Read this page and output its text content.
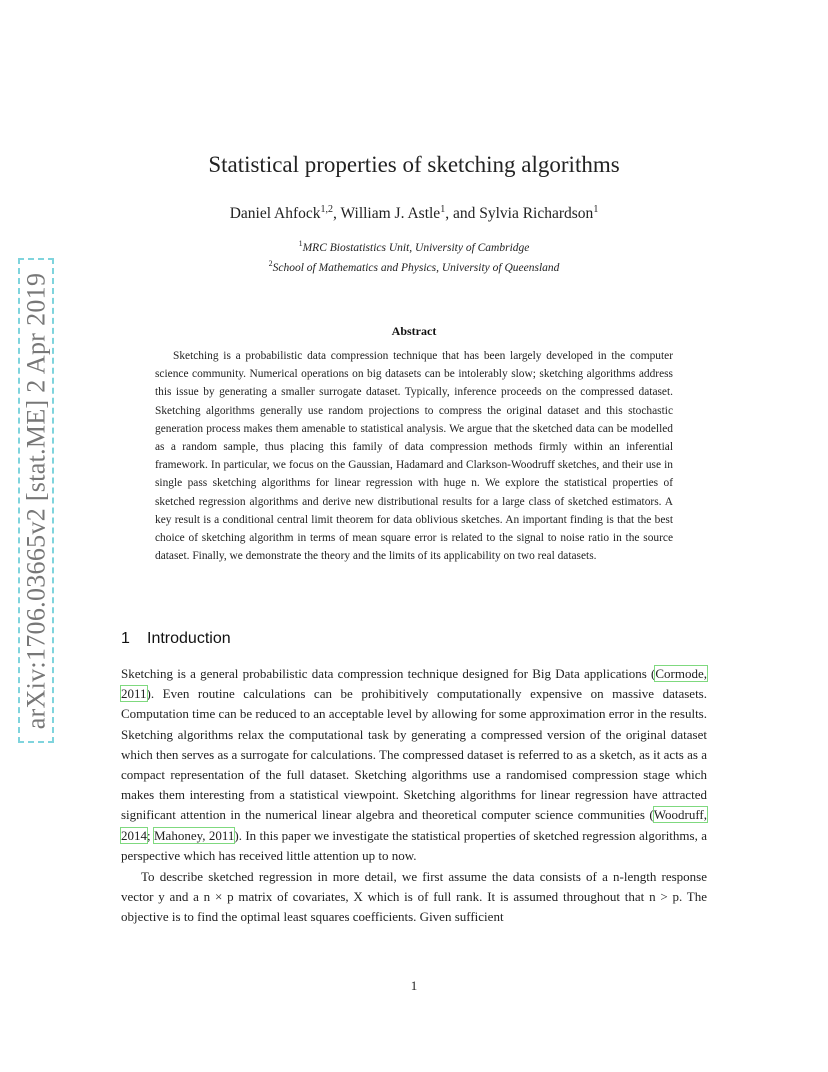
arXiv:1706.03665v2 [stat.ME] 2 Apr 2019
Statistical properties of sketching algorithms
Daniel Ahfock$^{1,2}$, William J. Astle$^1$, and Sylvia Richardson$^1$
$^1$MRC Biostatistics Unit, University of Cambridge
$^2$School of Mathematics and Physics, University of Queensland
Abstract

Sketching is a probabilistic data compression technique that has been largely developed in the computer science community. Numerical operations on big datasets can be intolerably slow; sketching algorithms address this issue by generating a smaller surrogate dataset. Typically, inference proceeds on the compressed dataset. Sketching algorithms generally use random projections to compress the original dataset and this stochastic generation process makes them amenable to statistical analysis. We argue that the sketched data can be modelled as a random sample, thus placing this family of data compression methods firmly within an inferential framework. In particular, we focus on the Gaussian, Hadamard and Clarkson-Woodruff sketches, and their use in single pass sketching algorithms for linear regression with huge n. We explore the statistical properties of sketched regression algorithms and derive new distributional results for a large class of sketched estimators. A key result is a conditional central limit theorem for data oblivious sketches. An important finding is that the best choice of sketching algorithm in terms of mean square error is related to the signal to noise ratio in the source dataset. Finally, we demonstrate the theory and the limits of its applicability on two real datasets.

1 Introduction

Sketching is a general probabilistic data compression technique designed for Big Data applications (Cormode, 2011). Even routine calculations can be prohibitively computationally expensive on massive datasets. Computation time can be reduced to an acceptable level by allowing for some approximation error in the results. Sketching algorithms relax the computational task by generating a compressed version of the original dataset which then serves as a surrogate for calculations. The compressed dataset is referred to as a sketch, as it acts as a compact representation of the full dataset. Sketching algorithms use a randomised compression stage which makes them interesting from a statistical viewpoint. Sketching algorithms for linear regression have attracted significant attention in the numerical linear algebra and theoretical computer science communities (Woodruff, 2014; Mahoney, 2011). In this paper we investigate the statistical properties of sketched regression algorithms, a perspective which has received little attention up to now.

To describe sketched regression in more detail, we first assume the data consists of a n-length response vector y and a n × p matrix of covariates, X which is of full rank. It is assumed throughout that n > p. The objective is to find the optimal least squares coefficients. Given sufficient

1
